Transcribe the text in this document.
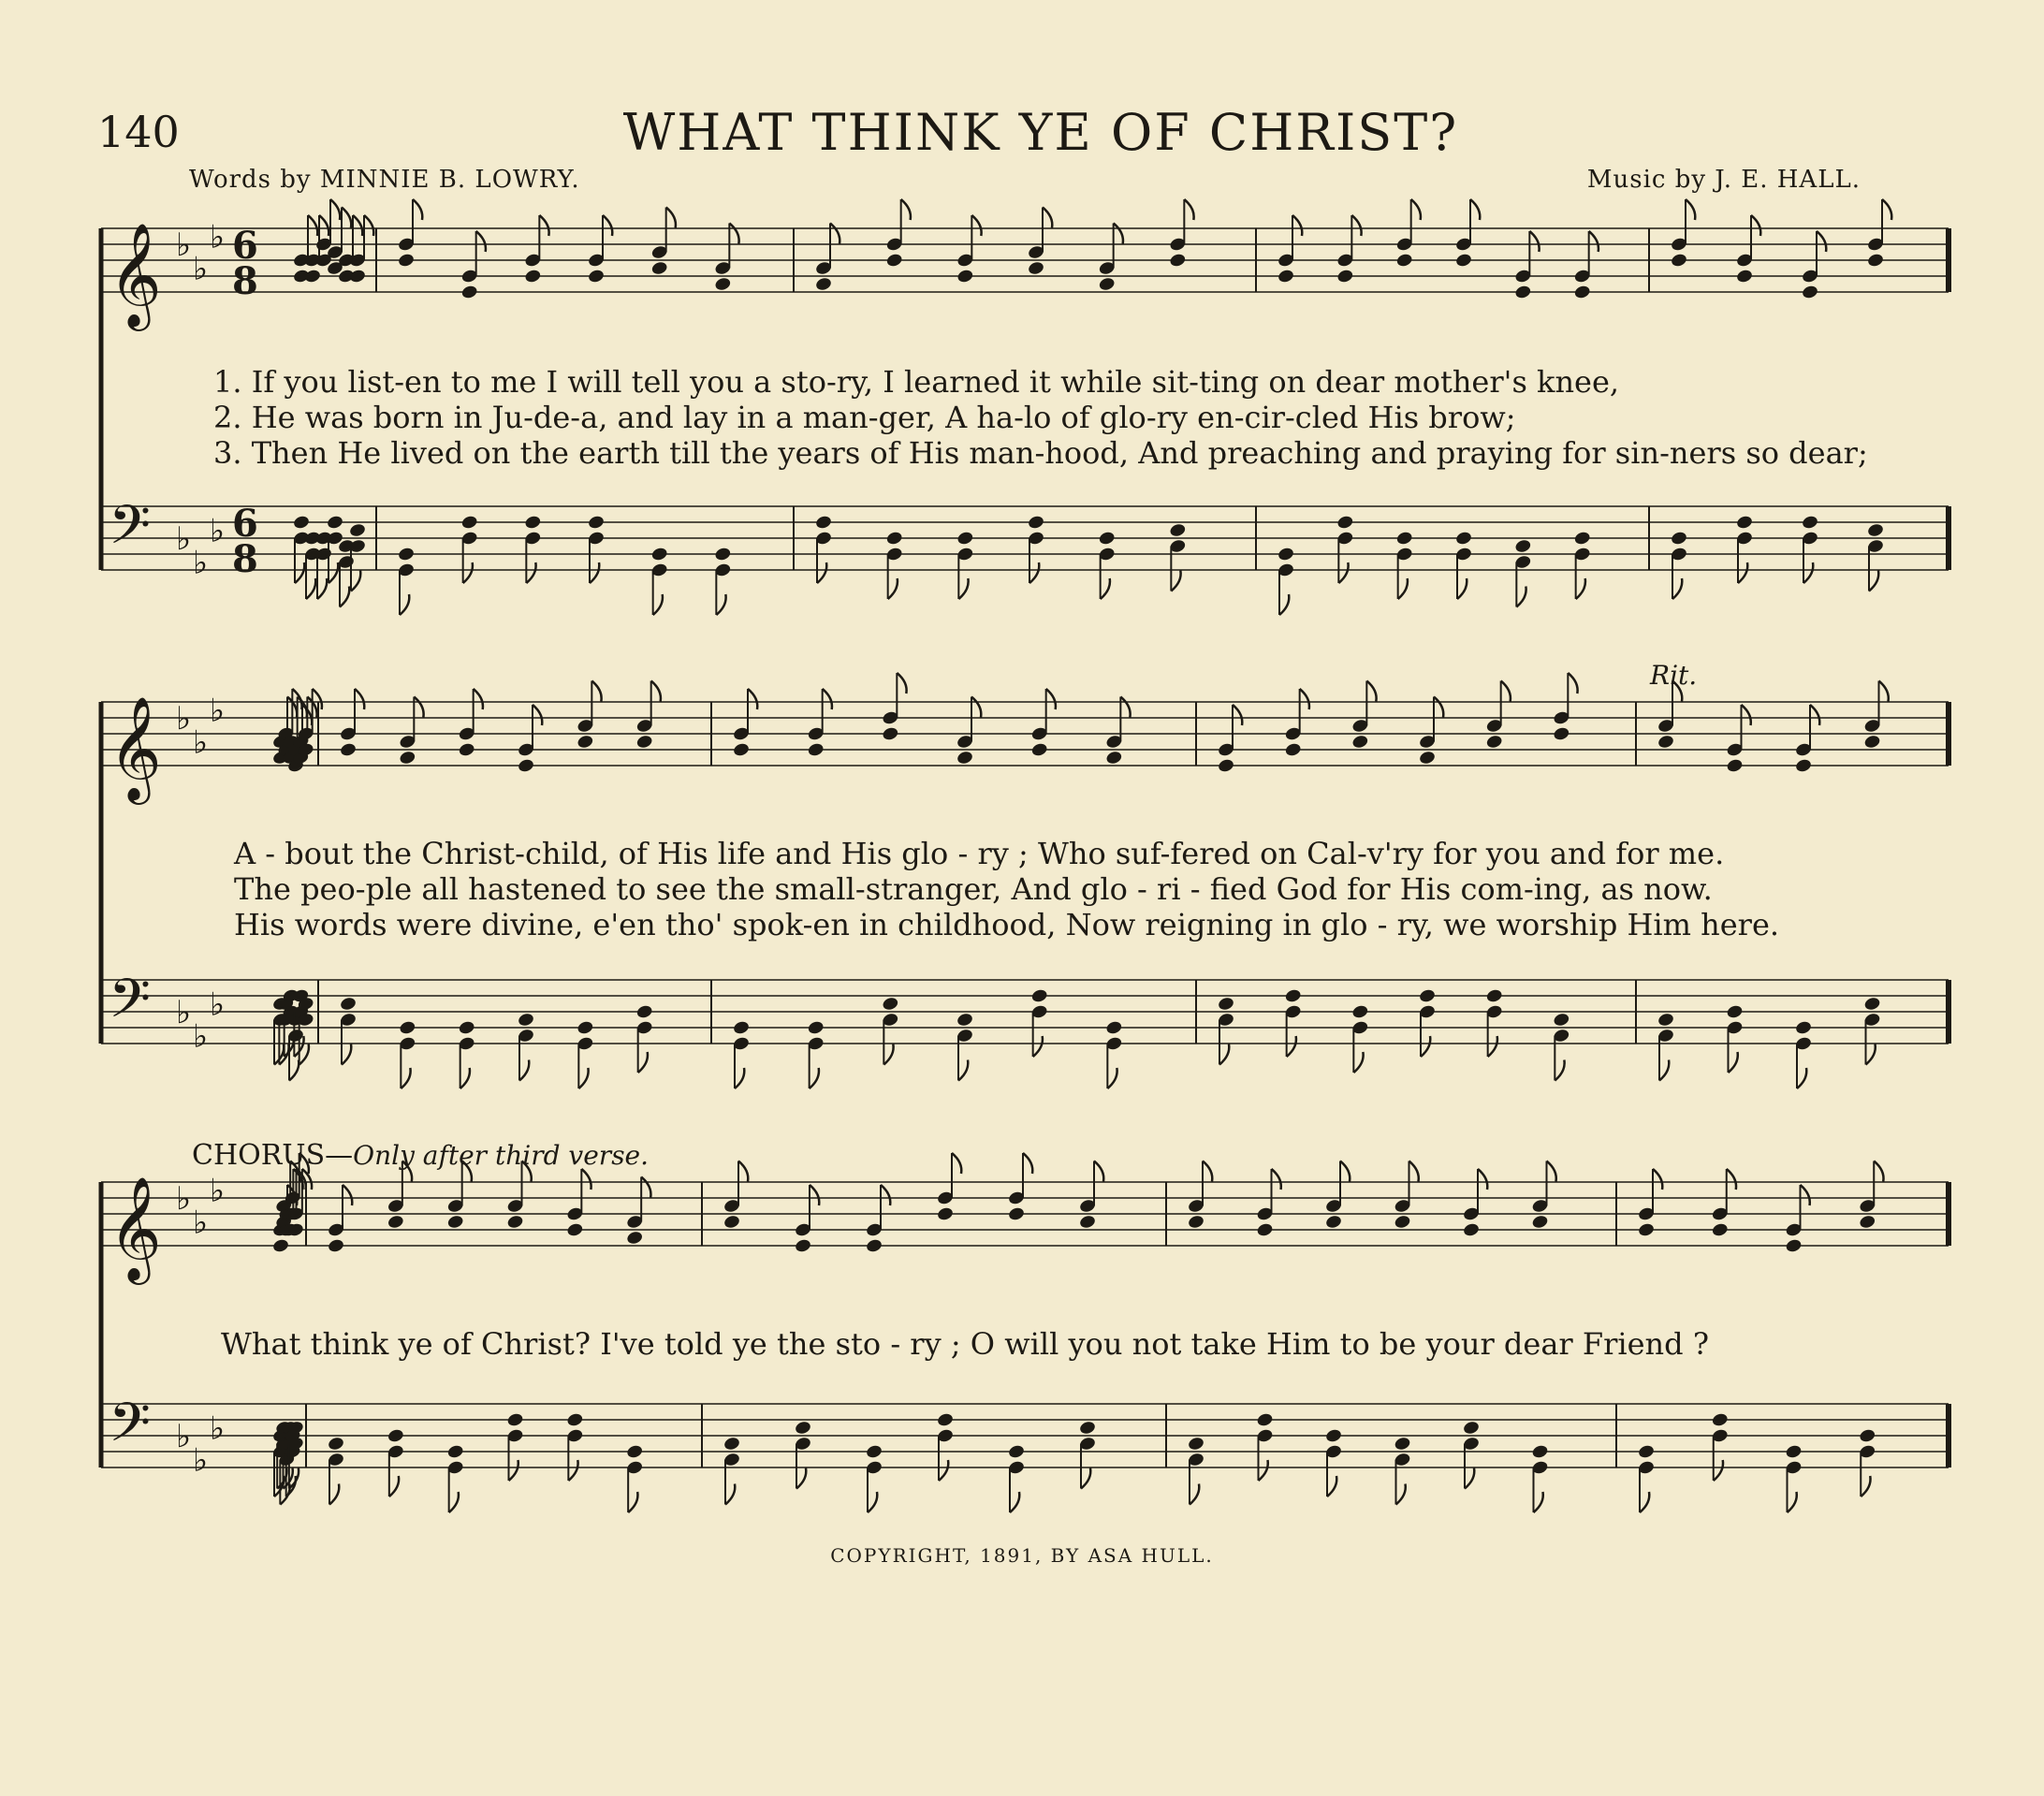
140	WHAT THINK YE OF CHRIST?
Words by MINNIE B. LOWRY.	Music by J. E. HALL.
𝄞 ♭
♭
♭
𝄢 ♭
♭
♭
6
8
6
8
𝄞 ♭
♭
♭
𝄢 ♭
♭
♭
𝄞 ♭
♭
♭
𝄢 ♭
♭
♭
1. If you list-en to me I will tell you a sto-ry, I learned it while sit-ting on dear mother's knee,
2. He was born in Ju-de-a, and lay in a man-ger, A ha-lo of glo-ry en-cir-cled His brow;
3. Then He lived on the earth till the years of His man-hood, And preaching and praying for sin-ners so dear;
Rit.
A - bout the Christ-child, of His life and His glo - ry ; Who suf-fered on Cal-v'ry for you and for me.
The peo-ple all hastened to see the small-stranger, And glo - ri - fied God for His com-ing, as now.
His words were divine, e'en tho' spok-en in childhood, Now reigning in glo - ry, we worship Him here.
CHORUS—Only after third verse.
What think ye of Christ? I've told ye the sto - ry ; O will you not take Him to be your dear Friend ?
COPYRIGHT, 1891, BY ASA HULL.
